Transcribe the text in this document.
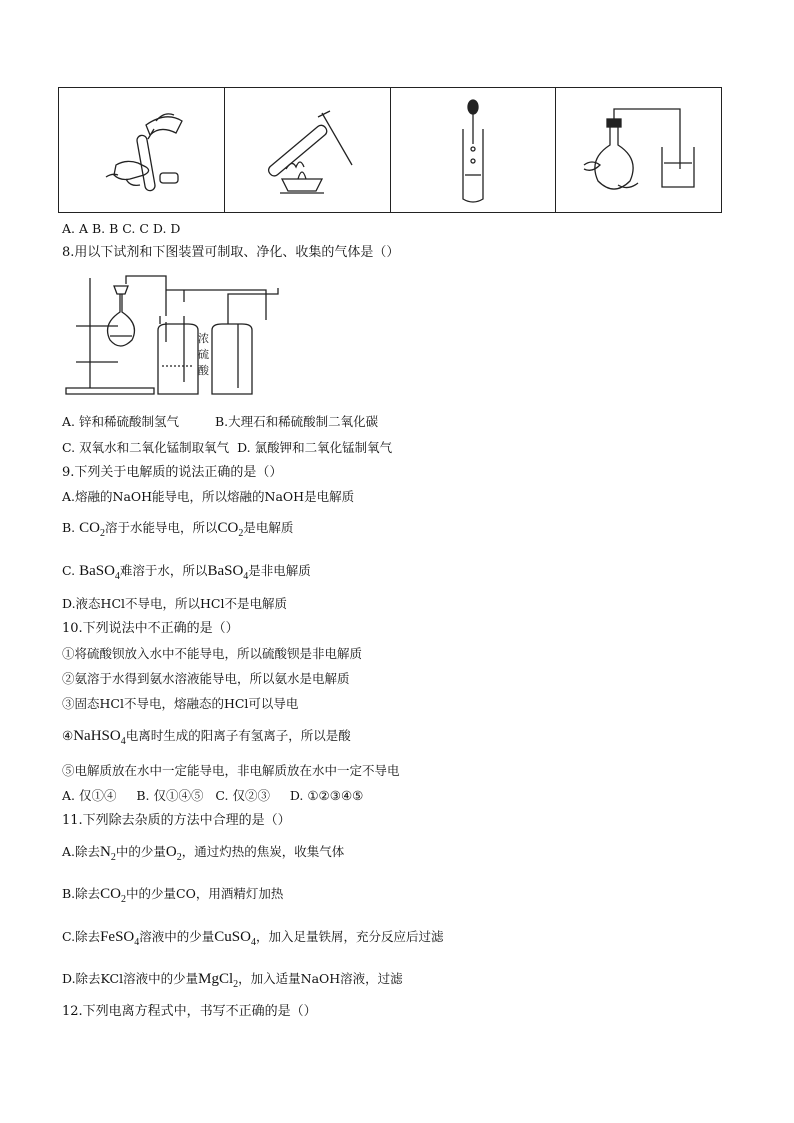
A. A B. B C. C D. D
8.用以下试剂和下图装置可制取、净化、收集的气体是（）
浓
硫
酸
A. 锌和稀硫酸制氢气	B.大理石和稀硫酸制二氧化碳
C. 双氧水和二氧化锰制取氧气 D. 氯酸钾和二氧化锰制氧气
9.下列关于电解质的说法正确的是（）
A.熔融的NaOH能导电，所以熔融的NaOH是电解质
B. $CO_2$溶于水能导电，所以$CO_2$是电解质
C. BaSO$_4$难溶于水，所以BaSO$_4$是非电解质
D.液态HCl不导电，所以HCl不是电解质
10.下列说法中不正确的是（）
①将硫酸钡放入水中不能导电，所以硫酸钡是非电解质
②氨溶于水得到氨水溶液能导电，所以氨水是电解质
③固态HCl不导电，熔融态的HCl可以导电
④NaHSO$_4$电离时生成的阳离子有氢离子，所以是酸
⑤电解质放在水中一定能导电，非电解质放在水中一定不导电
A. 仅①④     B. 仅①④⑤   C. 仅②③     D. ①②③④⑤
11.下列除去杂质的方法中合理的是（）
A.除去$N_2$中的少量$O_2$，通过灼热的焦炭，收集气体
B.除去$CO_2$中的少量CO，用酒精灯加热
C.除去FeSO$_4$溶液中的少量CuSO$_4$，加入足量铁屑，充分反应后过滤
D.除去KCl溶液中的少量MgCl$_2$，加入适量NaOH溶液，过滤
12.下列电离方程式中，书写不正确的是（）
